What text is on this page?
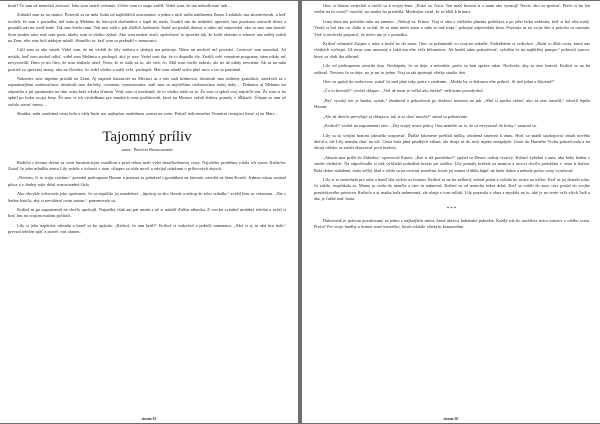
kruti? To sam už nemohol zistovať, lebo som stratil vedomie. Určite som to stopu zničil. Vedel som, že ma nebudú mať radi…

Zobudil som sa na stanici. Pozerali sa na mňa ľudia od najbližších astronautov a jedna z nich našla nahlásenia Zema. Ledabolo ma skontrolovali, a keď uvideli, že som v poriadku, daľ mňa aj Melániu do letových skafandrov a šupli do riadu. Usadili nás do sedadiel, upevnili, bez pozdravu zatvorili dvere a posadili nás na tvrdé kade. Tak sme letela sami. Tak sme stáli v pár ďalších hodinách. Snáď asi poslali domov a nikto nič nepovedal, ako sa sme tam dostali. Som strašne sám, mal som pocit, akoby som to všetko zlyhal. Ako som neskôr zistil, spoločnosť to spravila tak, že kvôli obavám o zdravie nás radšej vrátili na Zem, ešte sme boli nádejne mladí. Skončilo to, keď som sa prebudil v nemocnici.

Cítil som sa ako väzeň. Videl som, že mi vložili do žily infúziu a sledujú ma prístroje. Nikto mi nechcel nič povedať. Cestovať som nemohol. Až neskôr, keď som mohol odísť, videl som Melániu a pochopil, aký je stav. Vedel som iba, že to dopadlo zle. Zrušili celé vesmírne programy, nám nikdy nič nevysvetlili. Dnes je mi ľúto, že som zbabelo ušiel. Viem, že to stálo za to, ale vieš, čo. Mal som chvíle radosti, ale tie už nikdy nevrátim. Ak sa na mňa pozrieš zo správnej strany, ako na človeka, čo videl všetko a zažil veľa, pochopíš. Mal som mladé srdce plné snov a tie sa pominuli.

Nakoniec sme úspešne pristáli na Zemi. Aj napriek katastrofe na Mesiaci sa z nás stali hrdinovia, dostávali sme milióny gratulácií, stretávali sa s najznámejšími osobnosťami, dostávali sme darčeky, ocenenia, vymenovania, stali sme sa najväčšími osobnosťami našej doby… Dokonca aj Melániu mi odpustila a pri spomienke na túto cestu bola vďaka šťastná. Vedy som si uvedomil, že to všetko stálo za to. Že som si splnil svoj najväčší sen. Že som si ho splnil po boku svojej ženy. Že sme si ich výsledkami pre mnohých mne poďakovali, ktorí na Mesiaci zažali štrbiny pomaly v hĺbkach. Údajne sa tam už začalo stavať mesto…

Skrátka, naša osadobná cesta bola a vždy bude tou najlepšou osadobnou cestou na svete. Pokiaľ teda nezačne Vesmírni cestujúci lietať aj na Mars…

Tajomný príliv
autor: Patrícia Brestovanská

Rodičia s dvoma deťmi sa vezú futuristickým vozidlom a pred sebou mali výlet desaťhodinovej cesty. Najväčšie problémy robila ich synov Krištofer. Zatiaľ čo jeho mladšia sestra Lily sedela v tichosti v aute, chlapec sa stále mrvil a odvíjal otázkami o prílivových dejoch.

„Neviem, či to tvoju vytrhne,“ povedal prekvapene Hasom a prstami sa pohrával s gombíkmi na kúrenie, zavolal na ženu Koseli. Jednou rukou uviazal plúca a v druhej ruke držal tvarozoradné čísla.

Ako obvykle tolerovala jeho správanie, čo sa nepáčilo jej manželovi. „Správaj sa ako človek a nekop do toho sedadla,“ zvýšil hlas za volantom. „Nie s Sadne batoľa, aby si nevidával cestu autom,“ pomenovala sa.

Krištof sa po napomenutí na chvíľu upokojil. Najradšej však ani pár minút a už si naložil ďalšiu zábavku. Z vrecka vytiahol mobilný telefón a začal si hrať hru na svojom malom počítači.

Lily si jeho nepleche všímala a hneď sa ho opýtala: „Krištof, čo tam hráš?“ Krištof si vzdychol a pokrčil ramenami. „Akú si ty tu akú hru hráš,“ prevzal telefón späť a pozrel von oknom.

strana 35

Otec si hlasno vzdychol a otočil sa k svojej žene. „Pozri sa, Ivica. Ten malý huncút si s nami ako vystrojí! Nevie, ako sa správať. Prečo si ho len viedla na tú cestu?“ zavrčal, no matka ho prerušila. Medzitým zistil, že sa blíži k hranici.

Ivina žena mu položila ruku na rameno. „Nebojí sa, Ernest. Vraj si sám z väčšieho plnenia požičiava a po jeho boku sedávala, keď si bol ešte malý. Vtedy si bol ako on. Stále si sa bál, že sa nám niečo stane a mňa to tiež trápi,“ pokojne odpovedala žena. Pozerala sa na svoje deti a potichu sa usmiala. Tiež si nechcela pripustiť, že niečo nie je v poriadku.

Krištof schmatol Zucpin z ruky a hodil ho do mora. Otec sa pohniezdil vo svojom sedadle. Podráždene si vzdychol. „Bude to dlhá cesta, ktorá nás všetkých vyčerpá. Už teraz som unavený a čaká ma ešte veľa kilometrov. Ak budeš takto pokračovať, vyložím ťa na najbližšej pumpe,“ pohrozil synovi, ktorý sa však iba uškrnul.

Lily od prekvapenia otvorila ústa. Nechápala, čo sa deje, a nevedela, prečo sa brat správa takto. Nechcela, aby sa otec hneval. Krištof sa na ňu zaškeril. Neviem čo sa deje, no je mi to jedno. Vraj sa tak správajú všetky staršie deti.

Otec sa spýtal do rozhovoru, zatiaľ čo mal plné ruky práce s riadením. „Mohla by si dokonca ešte pribrať. Si tiež pilná a šikovná?“

„Čo to hovoríš?“ zvolal chlapec. „Ved už teraz je veľká ako žirafa!“ nešťastne povzdychol.

„Byť vysoký nie je hanba, synak,“ zhodnotil a pokračoval po diaľnici smerom na juh. „Mal si predsa vidieť, ako sa otec nasrdil,“ odvetil lepšie Hasom.

„Ale ak dievča prevyšuje aj chlapcov, tak je to dosť navyše!“ smial sa pohnevane.

„Krištof!“ zvolal na napomenutí otec. „Daj svojej sestre pokoj. Ona nemôže za to, že sa nevyrastal do krásy,“ zasmial sa.

Lily sa so svojím bratom odmietla rozprávať. Ďalšie kilometre prešlial mlčky, obrátená smerom k oknu. Hosť sa snažil upokojovať obsah nového dieťaťa, ale Lily nemala chuť na nič. Cesta bola plná prudkých zákrut, ale dvaja sa do nich nijako nezapájali. Cesta do Horného Vrchu pokračovala a na okraji obloky sa začali objavovať prvé budovy.

„Akurát sme prišli do Záhrebu,“ opravoval Ernest. „Kto si dá prestávku?“ opýtal sa Denov rodiny tvorivý. Krištof vybehol z auta, ako keby hoden v strede všetkých. Na odpočívadle si tiež vyhľadal pohodlné kreslo pri stolíku. Lily pomaly kráčala za mamou a otcovi chvíľu prekážala v ceste k bufetu. Bola dobre naladená, mala veľký hlad a tešila sa na ovocnú zmrzlinu, ktorú jej mama sľúbila kúpiť ak bude dobrá a nebude počas cesty vyrušovať.

Lily si to nenechala pre seba a hneď išla rýchlo za bratom. Krištof sa na ňu zaškeril, zobral pohár a vyliala ho sestre na tričko. Keď sa jej dostalo toho, čo zažila, rozplakala sa. Mama ju vzala do náručia a otec sa nahneval. Krištof sa od smiechu ledva držal. Keď sa vrátili do auta, otec poslal do svojho prestávkového priestoru Krištofa a aj matka bola nahnevaná, ale obaja o tom mlčali. Lily pozerala z okna a myslela na to, aké je na svete veľa zlých ľudí a ako je ťažké mať brata.

***

Dubrovník je právom považovaný za jedno z najkrajších miest, ktoré ukrýva Jadranské pobrežie. Každý rok ho navštívia tisíce turistov z celého sveta. Prečo? Pre svoje hradby a krásne staré mestečko, ktoré odolalo všetkým katastrofám.

strana 36
